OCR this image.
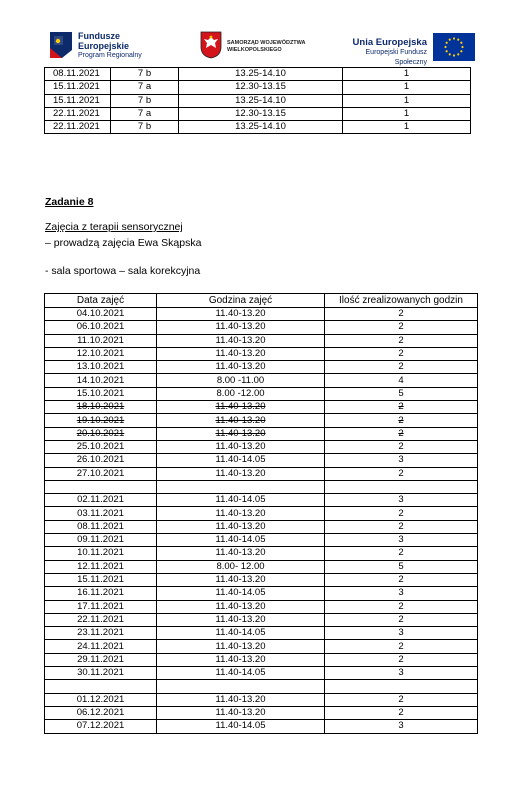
Fundusze
Europejskie
Program Regionalny
SAMORZĄD WOJEWÓDZTWA
WIELKOPOLSKIEGO
Unia Europejska
Europejski Fundusz Społeczny
08.11.2021	7 b	13.25-14.10	1
15.11.2021	7 a	12.30-13.15	1
15.11.2021	7 b	13.25-14.10	1
22.11.2021	7 a	12.30-13.15	1
22.11.2021	7 b	13.25-14.10	1
Zadanie 8
Zajęcia z terapii sensorycznej
– prowadzą zajęcia Ewa Skąpska
- sala sportowa – sala korekcyjna
Data zajęć	Godzina zajęć	Ilość zrealizowanych godzin
04.10.2021	11.40-13.20	2
06.10.2021	11.40-13.20	2
11.10.2021	11.40-13.20	2
12.10.2021	11.40-13.20	2
13.10.2021	11.40-13.20	2
14.10.2021	8.00 -11.00	4
15.10.2021	8.00 -12.00	5
18.10.2021	11.40-13.20	2
19.10.2021	11.40-13.20	2
20.10.2021	11.40-13.20	2
25.10.2021	11.40-13.20	2
26.10.2021	11.40-14.05	3
27.10.2021	11.40-13.20	2

02.11.2021	11.40-14.05	3
03.11.2021	11.40-13.20	2
08.11.2021	11.40-13.20	2
09.11.2021	11.40-14.05	3
10.11.2021	11.40-13.20	2
12.11.2021	8.00- 12.00	5
15.11.2021	11.40-13.20	2
16.11.2021	11.40-14.05	3
17.11.2021	11.40-13.20	2
22.11.2021	11.40-13.20	2
23.11.2021	11.40-14.05	3
24.11.2021	11.40-13.20	2
29.11.2021	11.40-13.20	2
30.11.2021	11.40-14.05	3

01.12.2021	11.40-13.20	2
06.12.2021	11.40-13.20	2
07.12.2021	11.40-14.05	3
